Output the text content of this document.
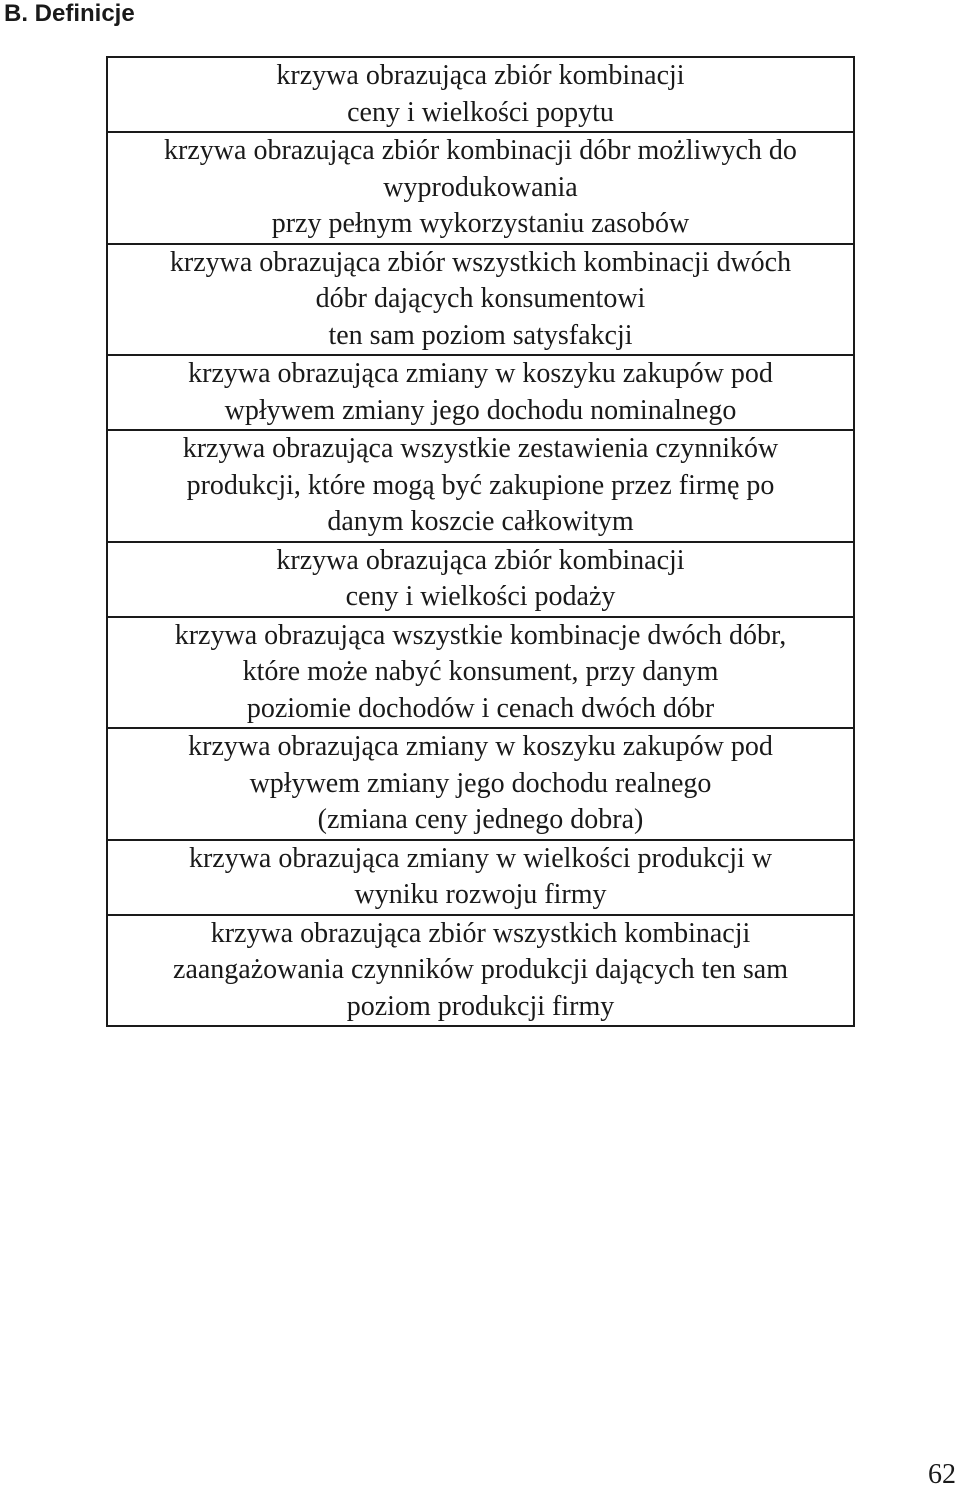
B. Definicje
krzywa obrazująca zbiór kombinacji
ceny i wielkości popytu

krzywa obrazująca zbiór kombinacji dóbr możliwych do
wyprodukowania
przy pełnym wykorzystaniu zasobów

krzywa obrazująca zbiór wszystkich kombinacji dwóch
dóbr dających konsumentowi
ten sam poziom satysfakcji

krzywa obrazująca zmiany w koszyku zakupów pod
wpływem zmiany jego dochodu nominalnego

krzywa obrazująca wszystkie zestawienia czynników
produkcji, które mogą być zakupione przez firmę po
danym koszcie całkowitym

krzywa obrazująca zbiór kombinacji
ceny i wielkości podaży

krzywa obrazująca wszystkie kombinacje dwóch dóbr,
które może nabyć konsument, przy danym
poziomie dochodów i cenach dwóch dóbr

krzywa obrazująca zmiany w koszyku zakupów pod
wpływem zmiany jego dochodu realnego
(zmiana ceny jednego dobra)

krzywa obrazująca zmiany w wielkości produkcji w
wyniku rozwoju firmy

krzywa obrazująca zbiór wszystkich kombinacji
zaangażowania czynników produkcji dających ten sam
poziom produkcji firmy

62
